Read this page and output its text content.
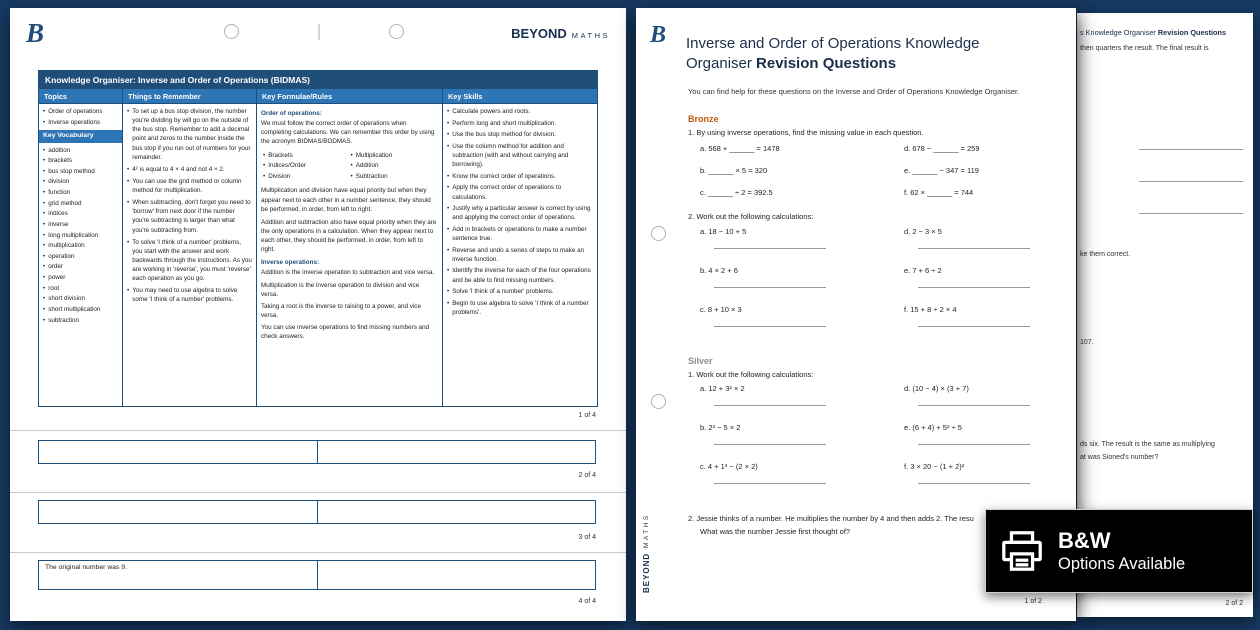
B	BEYOND MATHS
Knowledge Organiser: Inverse and Order of Operations (BIDMAS)
Topics
• Order of operations
• Inverse operations
Key Vocabulary
• addition
• brackets
• bus stop method
• division
• function
• grid method
• indices
• inverse
• long multiplication
• multiplication
• operation
• order
• power
• root
• short division
• short multiplication
• subtraction
Things to Remember
• To set up a bus stop division, the number you're dividing by will go on the outside of the bus stop. Remember to add a decimal point and zeros to the number inside the bus stop if you run out of numbers for your remainder.
• 4² is equal to 4 × 4 and not 4 × 2.
• You can use the grid method or column method for multiplication.
• When subtracting, don't forget you need to 'borrow' from next door if the number you're subtracting is larger than what you're subtracting from.
• To solve 'I think of a number' problems, you start with the answer and work backwards through the instructions. As you are working in 'reverse', you must 'reverse' each operation as you go.
• You may need to use algebra to solve some 'I think of a number' problems.
Key Formulae/Rules
Order of operations:
We must follow the correct order of operations when completing calculations. We can remember this order by using the acronym BIDMAS/BODMAS.
• Brackets
• Indices/Order
• Division
• Multiplication
• Addition
• Subtraction
Multiplication and division have equal priority but when they appear next to each other in a number sentence, they should be performed, in order, from left to right.
Addition and subtraction also have equal priority when they are the only operations in a calculation. When they appear next to each other, they should be performed, in order, from left to right.
Inverse operations:
Addition is the inverse operation to subtraction and vice versa.
Multiplication is the inverse operation to division and vice versa.
Taking a root is the inverse to raising to a power, and vice versa.
You can use inverse operations to find missing numbers and check answers.
Key Skills
• Calculate powers and roots.
• Perform long and short multiplication.
• Use the bus stop method for division.
• Use the column method for addition and subtraction (with and without carrying and borrowing).
• Know the correct order of operations.
• Apply the correct order of operations to calculations.
• Justify why a particular answer is correct by using and applying the correct order of operations.
• Add in brackets or operations to make a number sentence true.
• Reverse and undo a series of steps to make an inverse function.
• Identify the inverse for each of the four operations and be able to find missing numbers.
• Solve 'I think of a number' problems.
• Begin to use algebra to solve 'I think of a number problems'.
1 of 4
2 of 4
3 of 4
The original number was 9.
4 of 4
s Knowledge Organiser Revision Questions
then quarters the result. The final result is
ke them correct.
107.
ds six. The result is the same as multiplying
at was Sioned's number?
2 of 2
B Inverse and Order of Operations Knowledge Organiser Revision Questions
You can find help for these questions on the Inverse and Order of Operations Knowledge Organiser.
Bronze
1. By using inverse operations, find the missing value in each question.
a. 568 + ______ = 1478
b. ______ × 5 = 320
c. ______ ÷ 2 = 392.5
d. 678 − ______ = 259
e. ______ − 347 = 119
f. 62 × ______ = 744
2. Work out the following calculations:
a. 18 − 10 + 5
b. 4 × 2 + 6
c. 8 + 10 × 3
d. 2 − 3 × 5
e. 7 + 6 ÷ 2
f. 15 + 8 ÷ 2 × 4
Silver
1. Work out the following calculations:
a. 12 + 3² × 2
b. 2³ − 5 × 2
c. 4 + 1³ − (2 × 2)
d. (10 − 4) × (3 + 7)
e. (6 + 4) + 5² ÷ 5
f. 3 × 20 − (1 + 2)²
2. Jessie thinks of a number. He multiplies the number by 4 and then adds 2. The resu
What was the number Jessie first thought of?
BEYOND
MATHS
1 of 2
B&W
Options Available
